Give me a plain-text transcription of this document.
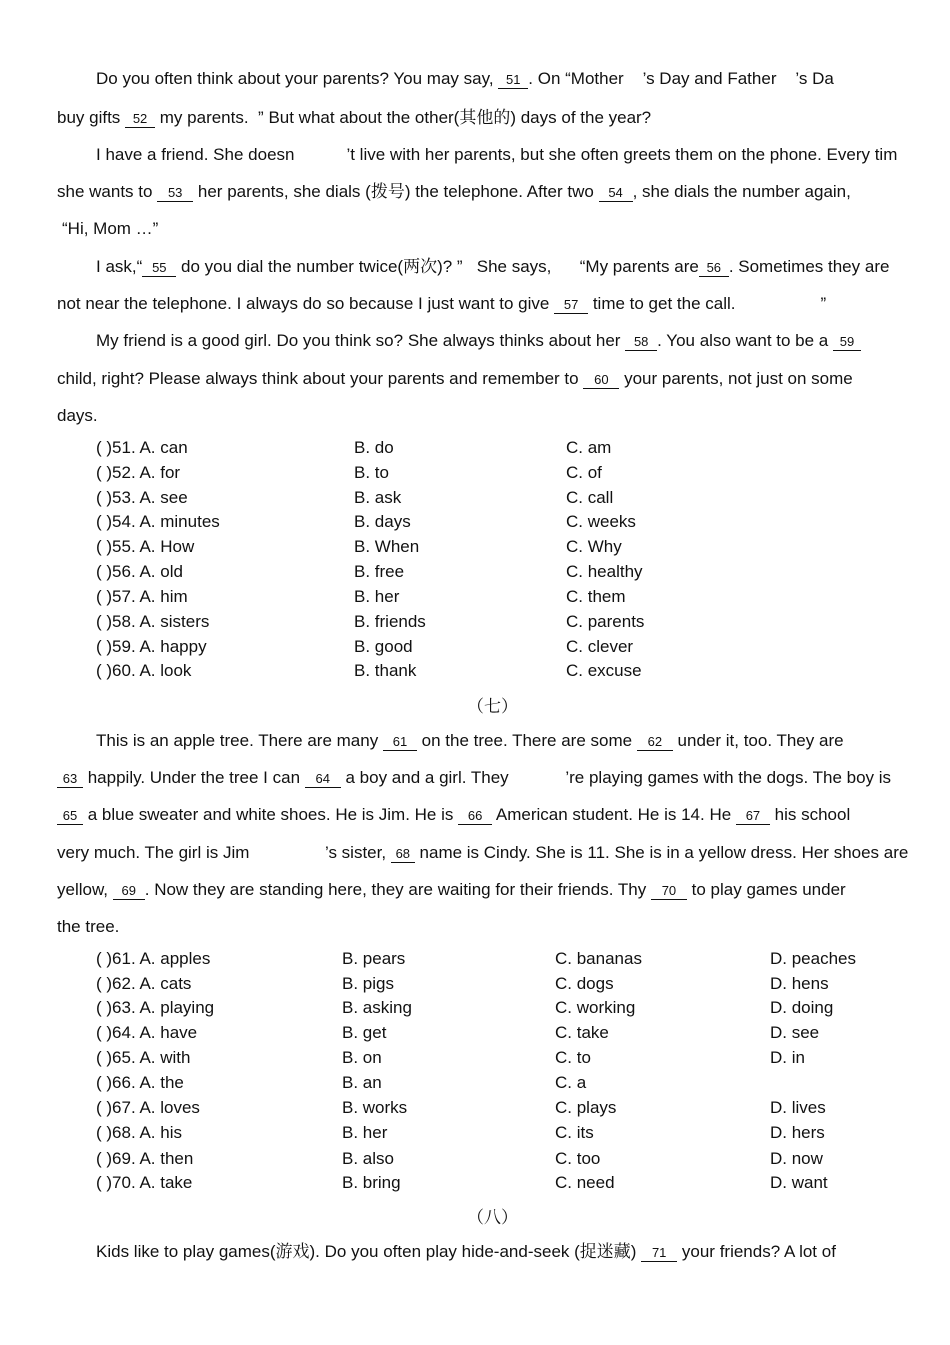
Do you often think about your parents? You may say, 51 . On “Mother ’s Day and Father ’s Da
buy gifts 52 my parents.  ” But what about the other(其他的) days of the year?
I have a friend. She doesn	’t live with her parents, but she often greets them on the phone. Every tim
she wants to 53 her parents, she dials (拨号) the telephone. After two 54 , she dials the number again,
“Hi, Mom …”
I ask,“ 55 do you dial the number twice(两次)? ”   She says,      “My parents are 56 . Sometimes they are
not near the telephone. I always do so because I just want to give 57 time to get the call.	”
My friend is a good girl. Do you think so? She always thinks about her 58 . You also want to be a 59
child, right? Please always think about your parents and remember to 60 your parents, not just on some
days.
( )51. A. can	B. do	C. am
( )52. A. for	B. to	C. of
( )53. A. see	B. ask	C. call
( )54. A. minutes	B. days	C. weeks
( )55. A. How	B. When	C. Why
( )56. A. old	B. free	C. healthy
( )57. A. him	B. her	C. them
( )58. A. sisters	B. friends	C. parents
( )59. A. happy	B. good	C. clever
( )60. A. look	B. thank	C. excuse
（七）
This is an apple tree. There are many 61 on the tree. There are some 62 under it, too. They are
63 happily. Under the tree I can 64 a boy and a girl. They	’re playing games with the dogs. The boy is
65 a blue sweater and white shoes. He is Jim. He is 66 American student. He is 14. He 67 his school
very much. The girl is Jim	’s sister, 68 name is Cindy. She is 11. She is in a yellow dress. Her shoes are
yellow, 69 . Now they are standing here, they are waiting for their friends. Thy 70 to play games under
the tree.
( )61. A. apples	B. pears	C. bananas	D. peaches
( )62. A. cats	B. pigs	C. dogs	D. hens
( )63. A. playing	B. asking	C. working	D. doing
( )64. A. have	B. get	C. take	D. see
( )65. A. with	B. on	C. to	D. in
( )66. A. the	B. an	C. a
( )67. A. loves	B. works	C. plays	D. lives
( )68. A. his	B. her	C. its	D. hers
( )69. A. then	B. also	C. too	D. now
( )70. A. take	B. bring	C. need	D. want
（八）
Kids like to play games(游戏). Do you often play hide-and-seek (捉迷藏) 71 your friends? A lot of
